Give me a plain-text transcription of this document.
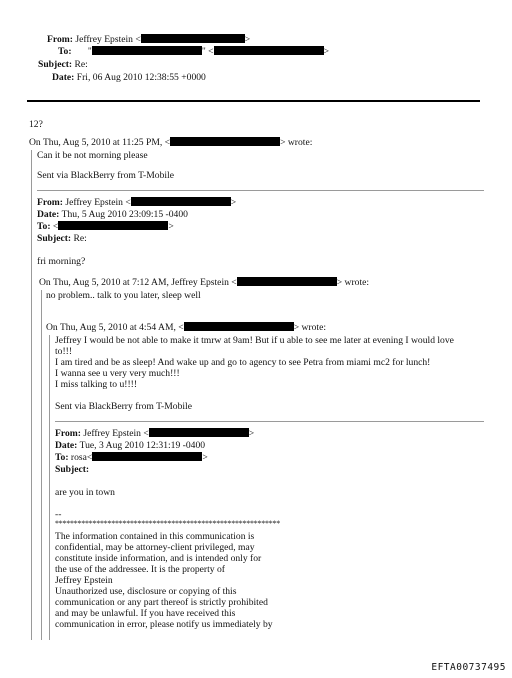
From: Jeffrey Epstein <	>
To: "	" <	>
Subject: Re:
Date: Fri, 06 Aug 2010 12:38:55 +0000
12?
On Thu, Aug 5, 2010 at 11:25 PM, <	> wrote:
Can it be not morning please
Sent via BlackBerry from T-Mobile
From: Jeffrey Epstein <	>
Date: Thu, 5 Aug 2010 23:09:15 -0400
To: <	>
Subject: Re:
fri morning?
On Thu, Aug 5, 2010 at 7:12 AM, Jeffrey Epstein <	> wrote:
no problem.. talk to you later, sleep well
On Thu, Aug 5, 2010 at 4:54 AM, <	> wrote:
Jeffrey I would be not able to make it tmrw at 9am! But if u able to see me later at evening I would love
to!!!
I am tired and be as sleep! And wake up and go to agency to see Petra from miami mc2 for lunch!
I wanna see u very very much!!!
I miss talking to u!!!!
Sent via BlackBerry from T-Mobile
From: Jeffrey Epstein <	>
Date: Tue, 3 Aug 2010 12:31:19 -0400
To: rosa<	>
Subject:
are you in town
--
************************************************************
The information contained in this communication is
confidential, may be attorney-client privileged, may
constitute inside information, and is intended only for
the use of the addressee. It is the property of
Jeffrey Epstein
Unauthorized use, disclosure or copying of this
communication or any part thereof is strictly prohibited
and may be unlawful. If you have received this
communication in error, please notify us immediately by
EFTA00737495
